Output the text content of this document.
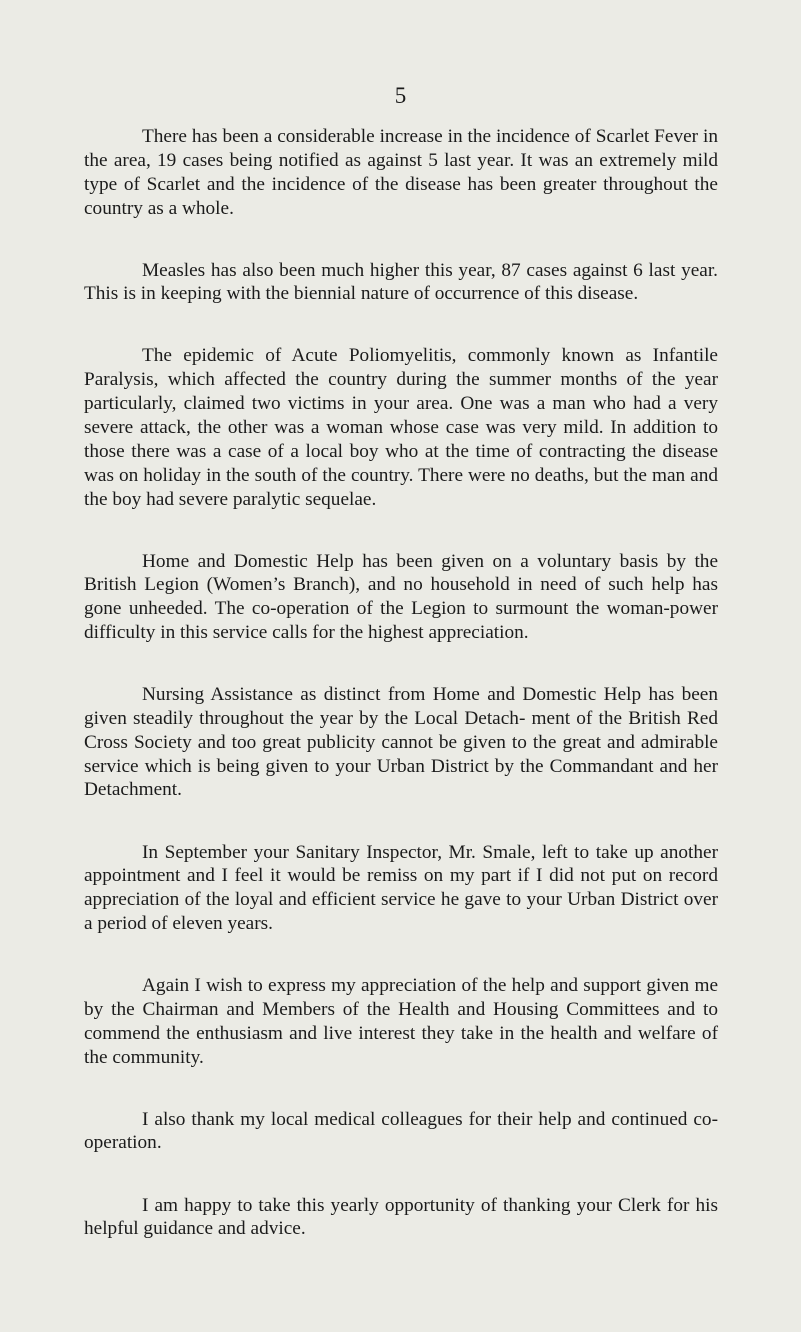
5

There has been a considerable increase in the incidence of Scarlet Fever in the area, 19 cases being notified as against 5 last year. It was an extremely mild type of Scarlet and the incidence of the disease has been greater throughout the country as a whole.

Measles has also been much higher this year, 87 cases against 6 last year. This is in keeping with the biennial nature of occurrence of this disease.

The epidemic of Acute Poliomyelitis, commonly known as Infantile Paralysis, which affected the country during the summer months of the year particularly, claimed two victims in your area. One was a man who had a very severe attack, the other was a woman whose case was very mild. In addition to those there was a case of a local boy who at the time of contracting the disease was on holiday in the south of the country. There were no deaths, but the man and the boy had severe paralytic sequelae.

Home and Domestic Help has been given on a voluntary basis by the British Legion (Women’s Branch), and no household in need of such help has gone unheeded. The co-operation of the Legion to surmount the woman-power difficulty in this service calls for the highest appreciation.

Nursing Assistance as distinct from Home and Domestic Help has been given steadily throughout the year by the Local Detach- ment of the British Red Cross Society and too great publicity cannot be given to the great and admirable service which is being given to your Urban District by the Commandant and her Detachment.

In September your Sanitary Inspector, Mr. Smale, left to take up another appointment and I feel it would be remiss on my part if I did not put on record appreciation of the loyal and efficient service he gave to your Urban District over a period of eleven years.

Again I wish to express my appreciation of the help and support given me by the Chairman and Members of the Health and Housing Committees and to commend the enthusiasm and live interest they take in the health and welfare of the community.

I also thank my local medical colleagues for their help and continued co-operation.

I am happy to take this yearly opportunity of thanking your Clerk for his helpful guidance and advice.
